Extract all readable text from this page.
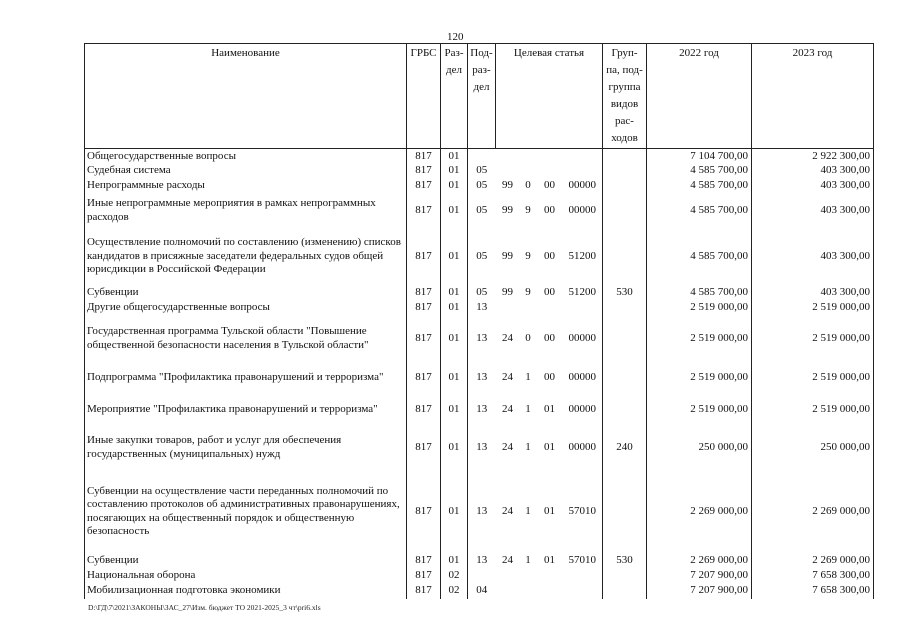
120
Наименование	ГРБС	Раз- дел	Под- раз- дел	Целевая статья				Груп- па, под- группа видов рас- ходов	2022 год	2023 год
Общегосударственные вопросы	817	01							7 104 700,00	2 922 300,00
Судебная система	817	01	05						4 585 700,00	403 300,00
Непрограммные расходы	817	01	05	99	0	00	00000		4 585 700,00	403 300,00
Иные непрограммные мероприятия в рамках непрограммных расходов	817	01	05	99	9	00	00000		4 585 700,00	403 300,00
Осуществление полномочий по составлению (изменению) списков кандидатов в присяжные заседатели федеральных судов общей юрисдикции в Российской Федерации	817	01	05	99	9	00	51200		4 585 700,00	403 300,00
Субвенции	817	01	05	99	9	00	51200	530	4 585 700,00	403 300,00
Другие общегосударственные вопросы	817	01	13						2 519 000,00	2 519 000,00
Государственная программа Тульской области "Повышение общественной безопасности населения в Тульской области"	817	01	13	24	0	00	00000		2 519 000,00	2 519 000,00
Подпрограмма "Профилактика правонарушений и терроризма"	817	01	13	24	1	00	00000		2 519 000,00	2 519 000,00
Мероприятие "Профилактика правонарушений и терроризма"	817	01	13	24	1	01	00000		2 519 000,00	2 519 000,00
Иные закупки товаров, работ и услуг для обеспечения государственных (муниципальных) нужд	817	01	13	24	1	01	00000	240	250 000,00	250 000,00
Субвенции на осуществление части переданных полномочий по составлению протоколов об административных правонарушениях, посягающих на общественный порядок и общественную безопасность	817	01	13	24	1	01	57010		2 269 000,00	2 269 000,00
Субвенции	817	01	13	24	1	01	57010	530	2 269 000,00	2 269 000,00
Национальная оборона	817	02							7 207 900,00	7 658 300,00
Мобилизационная подготовка экономики	817	02	04						7 207 900,00	7 658 300,00
D:\ГД\7\2021\ЗАКОНЫ\ЗАС_27\Изм. бюджет ТО 2021-2025_3 чт\pri6.xls
